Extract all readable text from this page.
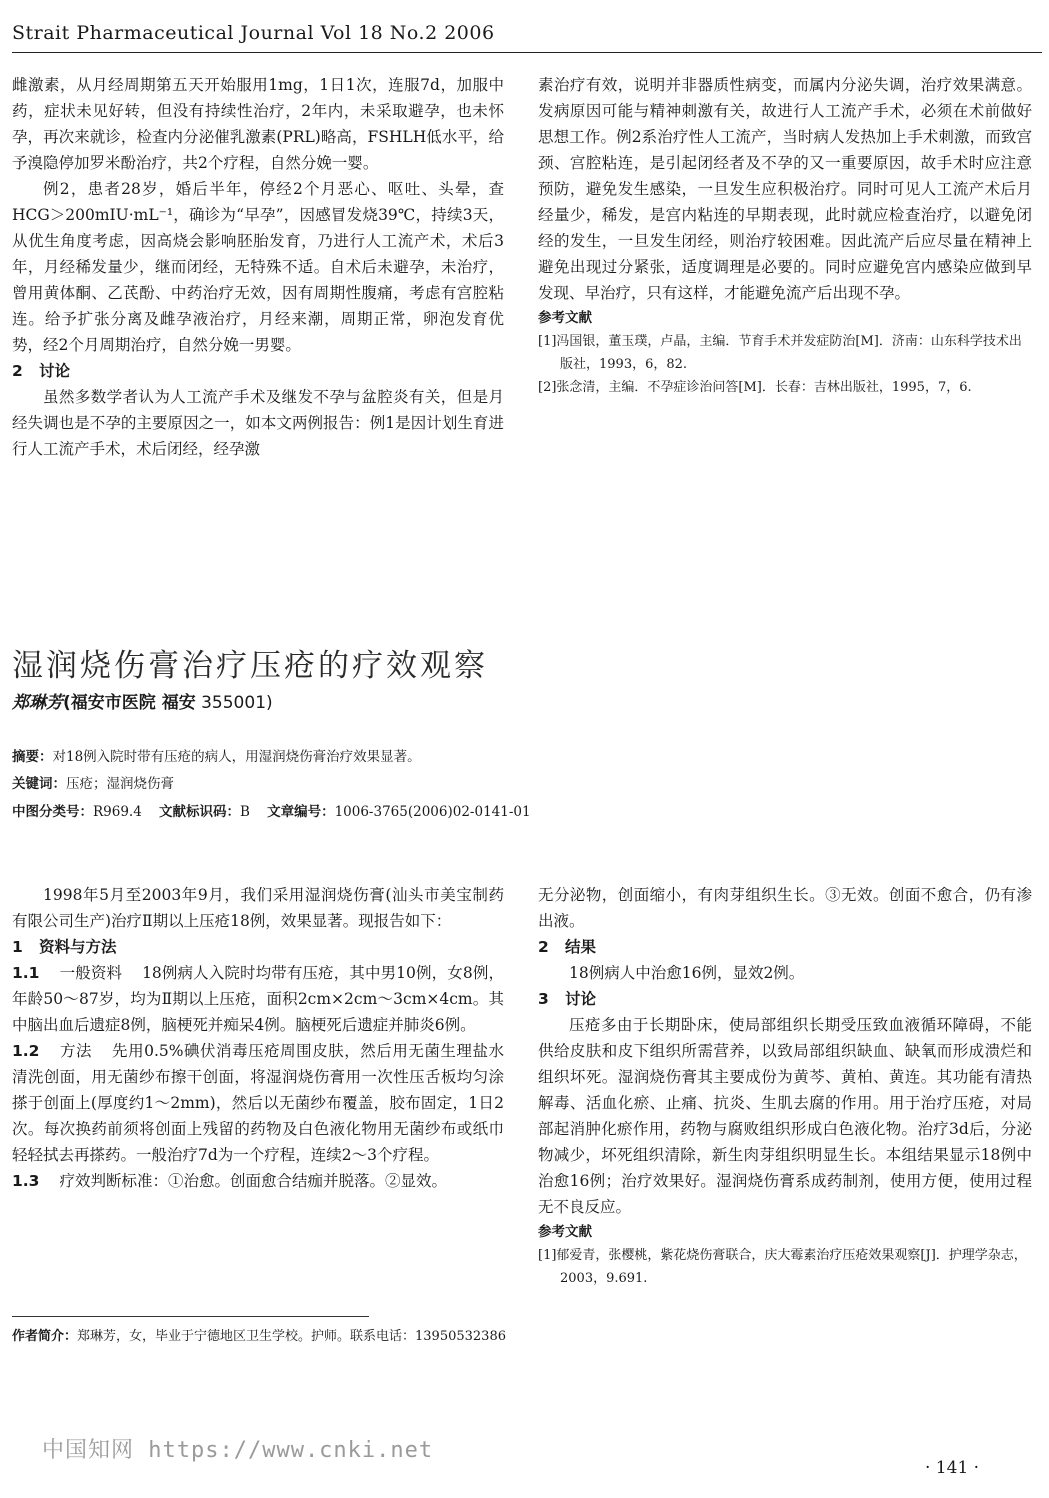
Strait Pharmaceutical Journal Vol 18 No.2 2006

雌激素，从月经周期第五天开始服用1mg，1日1次，连服7d，加服中药，症状未见好转，但没有持续性治疗，2年内，未采取避孕，也未怀孕，再次来就诊，检查内分泌催乳激素(PRL)略高，FSHLH低水平，给予溴隐停加罗米酚治疗，共2个疗程，自然分娩一婴。

例2，患者28岁，婚后半年，停经2个月恶心、呕吐、头晕，查HCG＞200mIU·mL⁻¹，确诊为“早孕”，因感冒发烧39℃，持续3天，从优生角度考虑，因高烧会影响胚胎发育，乃进行人工流产术，术后3年，月经稀发量少，继而闭经，无特殊不适。自术后未避孕，未治疗，曾用黄体酮、乙芪酚、中药治疗无效，因有周期性腹痛，考虑有宫腔粘连。给予扩张分离及雌孕液治疗，月经来潮，周期正常，卵泡发育优势，经2个月周期治疗，自然分娩一男婴。

2 讨论

虽然多数学者认为人工流产手术及继发不孕与盆腔炎有关，但是月经失调也是不孕的主要原因之一，如本文两例报告：例1是因计划生育进行人工流产手术，术后闭经，经孕激

素治疗有效，说明并非器质性病变，而属内分泌失调，治疗效果满意。发病原因可能与精神刺激有关，故进行人工流产手术，必须在术前做好思想工作。例2系治疗性人工流产，当时病人发热加上手术刺激，而致宫颈、宫腔粘连，是引起闭经者及不孕的又一重要原因，故手术时应注意预防，避免发生感染，一旦发生应积极治疗。同时可见人工流产术后月经量少，稀发，是宫内粘连的早期表现，此时就应检查治疗，以避免闭经的发生，一旦发生闭经，则治疗较困难。因此流产后应尽量在精神上避免出现过分紧张，适度调理是必要的。同时应避免宫内感染应做到早发现、早治疗，只有这样，才能避免流产后出现不孕。

参考文献

[1]冯国银，董玉璞，卢晶，主编．节育手术并发症防治[M]．济南：山东科学技术出版社，1993，6，82.

[2]张念清，主编．不孕症诊治问答[M]．长春：吉林出版社，1995，7，6.

湿润烧伤膏治疗压疮的疗效观察
郑琳芳(福安市医院 福安 355001)
摘要：对18例入院时带有压疮的病人，用湿润烧伤膏治疗效果显著。
关键词：压疮；湿润烧伤膏
中图分类号：R969.4 文献标识码：B 文章编号：1006-3765(2006)02-0141-01

1998年5月至2003年9月，我们采用湿润烧伤膏(汕头市美宝制药有限公司生产)治疗Ⅱ期以上压疮18例，效果显著。现报告如下：

1 资料与方法

1.1 一般资料 18例病人入院时均带有压疮，其中男10例，女8例，年龄50～87岁，均为Ⅱ期以上压疮，面积2cm×2cm～3cm×4cm。其中脑出血后遗症8例，脑梗死并痴呆4例。脑梗死后遗症并肺炎6例。

1.2 方法 先用0.5%碘伏消毒压疮周围皮肤，然后用无菌生理盐水清洗创面，用无菌纱布擦干创面，将湿润烧伤膏用一次性压舌板均匀涂搽于创面上(厚度约1～2mm)，然后以无菌纱布覆盖，胶布固定，1日2次。每次换药前须将创面上残留的药物及白色液化物用无菌纱布或纸巾轻轻拭去再搽药。一般治疗7d为一个疗程，连续2～3个疗程。

1.3 疗效判断标准：①治愈。创面愈合结痂并脱落。②显效。

无分泌物，创面缩小，有肉芽组织生长。③无效。创面不愈合，仍有渗出液。

2 结果

18例病人中治愈16例，显效2例。

3 讨论

压疮多由于长期卧床，使局部组织长期受压致血液循环障碍，不能供给皮肤和皮下组织所需营养，以致局部组织缺血、缺氧而形成溃烂和组织坏死。湿润烧伤膏其主要成份为黄芩、黄柏、黄连。其功能有清热解毒、活血化瘀、止痛、抗炎、生肌去腐的作用。用于治疗压疮，对局部起消肿化瘀作用，药物与腐败组织形成白色液化物。治疗3d后，分泌物减少，坏死组织清除，新生肉芽组织明显生长。本组结果显示18例中治愈16例；治疗效果好。湿润烧伤膏系成药制剂，使用方便，使用过程无不良反应。

参考文献

[1]郁爱青，张樱桃，紫花烧伤膏联合，庆大霉素治疗压疮效果观察[J]．护理学杂志，2003，9.691.

作者简介：郑琳芳，女，毕业于宁德地区卫生学校。护师。联系电话：13950532386
中国知网 https://www.cnki.net
· 141 ·
